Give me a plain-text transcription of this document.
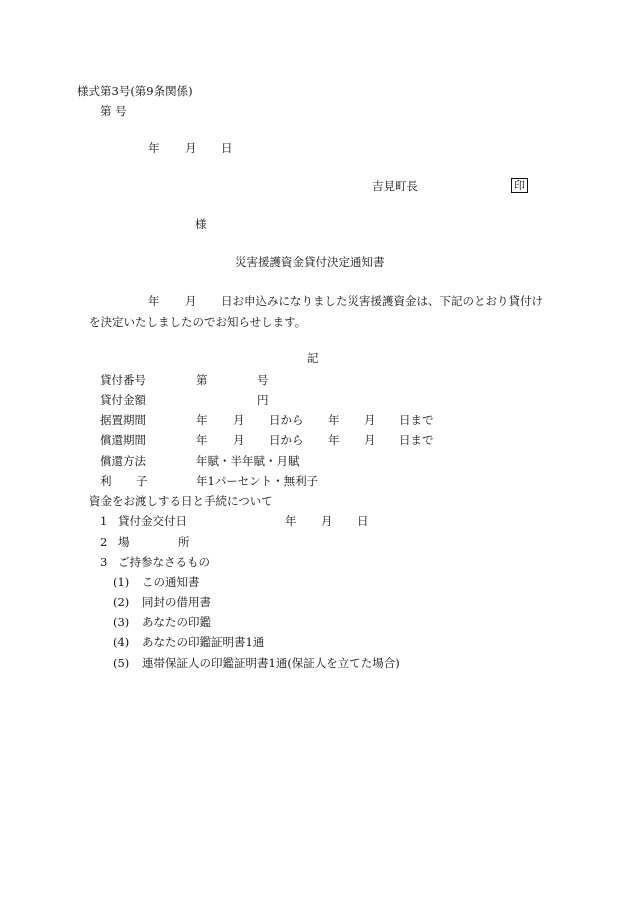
様式第3号(第9条関係)
第 号
年 月 日
吉見町長	印
様
災害援護資金貸付決定通知書
年 月 日お申込みになりました災害援護資金は、下記のとおり貸付け
を決定いたしましたのでお知らせします。
記
貸付番号	第	号
貸付金額	円
据置期間	年 月 日から 年 月 日まで
償還期間	年 月 日から 年 月 日まで
償還方法	年賦・半年賦・月賦
利 子	年1パーセント・無利子
資金をお渡しする日と手続について
1 貸付金交付日	年 月 日
2 場	所
3 ご持参なさるもの
(1) この通知書
(2) 同封の借用書
(3) あなたの印鑑
(4) あなたの印鑑証明書1通
(5) 連帯保証人の印鑑証明書1通(保証人を立てた場合)
